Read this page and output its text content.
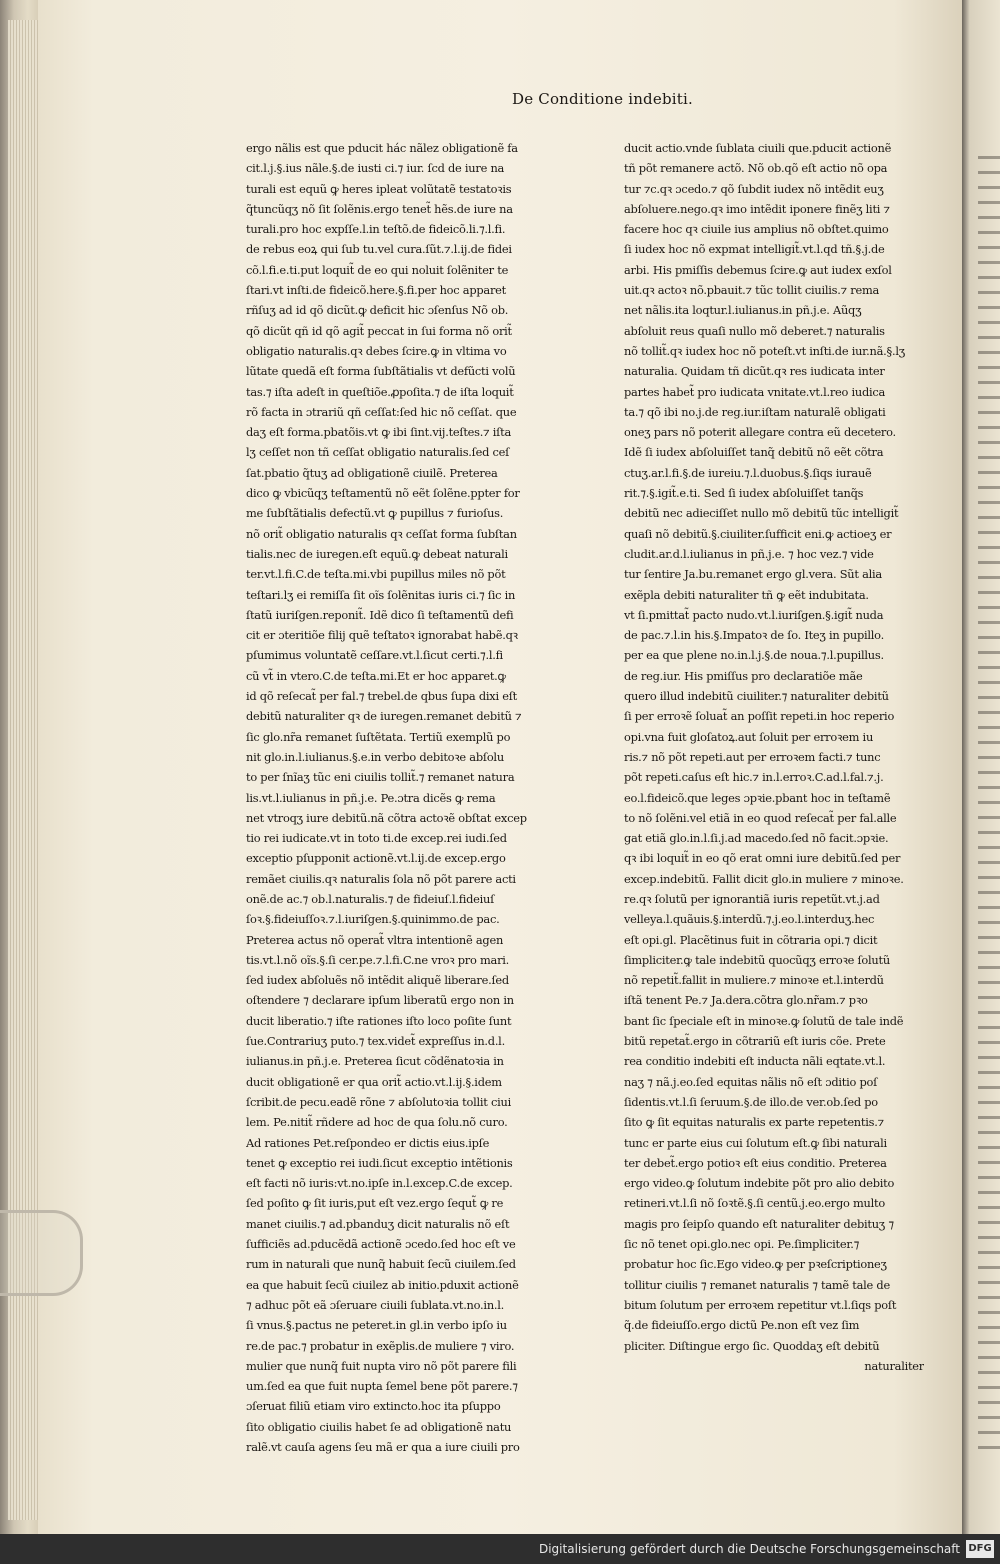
De Conditione indebiti.
ergo nãlis est que pducit hác nãlez obligationẽ fa
cit.l.j.§.ius nãle.§.de iusti ci.⁊ iur. ſcd de iure na
turali est equũ ꝙ heres ipleat volũtatẽ testatoꝛis
q̃tuncũqʒ nõ ſit ſolẽnis.ergo tenet̃ hẽs.de iure na
turali.pro hoc expſſe.l.in teſtõ.de fideicõ.li.⁊.l.fi.
de rebus eoꝝ qui ſub tu.vel cura.ſũt.⁊.l.ij.de fidei
cõ.l.fi.e.ti.put loquit̃ de eo qui noluit ſolẽniter te
ſtari.vt inſti.de fideicõ.here.§.fi.per hoc apparet
rñſuʒ ad id qõ dicũt.ꝙ deficit hic ɔſenſus Nõ ob.
qõ dicũt qñ id qõ agit̃ peccat in ſui forma nõ orit̃
obligatio naturalis.qꝛ debes ſcire.ꝙ in vltima vo
lũtate quedã eſt forma ſubſtãtialis vt defũcti volũ
tas.⁊ iſta adeſt in queſtiõe.ꝓpoſita.⁊ de iſta loquit̃
rõ facta in ɔtrariũ qñ ceſſat:ſed hic nõ ceſſat. que
daʒ eſt forma.pbatõis.vt ꝙ ibi ſint.vij.teſtes.⁊ iſta
lʒ ceſſet non tñ ceſſat obligatio naturalis.ſed ceſ
ſat.pbatio q̃tuʒ ad obligationẽ ciuilẽ. Preterea
dico ꝙ vbicũqʒ teſtamentũ nõ eẽt ſolẽne.ppter for
me ſubſtãtialis defectũ.vt ꝙ pupillus ⁊ furioſus.
nõ orit̃ obligatio naturalis qꝛ ceſſat forma ſubſtan
tialis.nec de iuregen.eſt equũ.ꝙ debeat naturali
ter.vt.l.fi.C.de teſta.mi.vbi pupillus miles nõ põt
teſtari.lʒ ei remiſſa ſit oĩs ſolẽnitas iuris ci.⁊ ſic in
ſtatũ iuriſgen.reponit̃. Idẽ dico ſi teſtamentũ defi
cit er ɔteritiõe filij quẽ teſtatoꝛ ignorabat habẽ.qꝛ
pſumimus voluntatẽ ceſſare.vt.l.ſicut certi.⁊.l.fi
cũ vt̃ in vtero.C.de teſta.mi.Et er hoc apparet.ꝙ
id qõ reſecat̃ per fal.⁊ trebel.de qbus ſupa dixi eſt
debitũ naturaliter qꝛ de iuregen.remanet debitũ ⁊
ſic glo.nr̃a remanet ſuſtẽtata. Tertiũ exemplũ po
nit glo.in.l.iulianus.§.e.in verbo debitoꝛe abſolu
to per ſnĩaʒ tũc eni ciuilis tollit̃.⁊ remanet natura
lis.vt.l.iulianus in pñ.j.e. Pe.ɔtra dicẽs ꝙ rema
net vtroqʒ iure debitũ.nã cõtra actoꝛẽ obſtat excep
tio rei iudicate.vt in toto ti.de excep.rei iudi.ſed
exceptio pſupponit actionẽ.vt.l.ij.de excep.ergo
remãet ciuilis.qꝛ naturalis ſola nõ põt parere acti
onẽ.de ac.⁊ ob.l.naturalis.⁊ de fideiuſ.l.fideiuſ
ſoꝛ.§.fideiuſſoꝛ.⁊.l.iuriſgen.§.quinimmo.de pac.
Preterea actus nõ operat̃ vltra intentionẽ agen
tis.vt.l.nõ oĩs.§.ſi cer.pe.⁊.l.fi.C.ne vroꝛ pro mari.
ſed iudex abſoluẽs nõ intẽdit aliquẽ liberare.ſed
oſtendere ⁊ declarare ipſum liberatũ ergo non in
ducit liberatio.⁊ iſte rationes iſto loco poſite ſunt
ſue.Contrariuʒ puto.⁊ tex.videt̃ expreſſus in.d.l.
iulianus.in pñ.j.e. Preterea ſicut cõdẽnatoꝛia in
ducit obligationẽ er qua orit̃ actio.vt.l.ij.§.idem
ſcribit.de pecu.eadẽ rõne ⁊ abſolutoꝛia tollit ciui
lem. Pe.nitit̃ rñdere ad hoc de qua ſolu.nõ curo.
Ad rationes Pet.reſpondeo er dictis eius.ipſe
tenet ꝙ exceptio rei iudi.ſicut exceptio intẽtionis
eſt facti nõ iuris:vt.no.ipſe in.l.excep.C.de excep.
ſed poſito ꝙ ſit iuris,put eſt vez.ergo ſequt̃ ꝙ re
manet ciuilis.⁊ ad.pbanduʒ dicit naturalis nõ eſt
ſufficiẽs ad.pducẽdã actionẽ ɔcedo.ſed hoc eſt ve
rum in naturali que nunq̃ habuit ſecũ ciuilem.ſed
ea que habuit ſecũ ciuilez ab initio.pduxit actionẽ
⁊ adhuc põt eã ɔſeruare ciuili ſublata.vt.no.in.l.
ſi vnus.§.pactus ne peteret.in gl.in verbo ipſo iu
re.de pac.⁊ probatur in exẽplis.de muliere ⁊ viro.
mulier que nunq̃ fuit nupta viro nõ põt parere fili
um.ſed ea que fuit nupta ſemel bene põt parere.⁊
ɔſeruat filiũ etiam viro extincto.hoc ita pſuppo
ſito obligatio ciuilis habet ſe ad obligationẽ natu
ralẽ.vt cauſa agens ſeu mã er qua a iure ciuili pro
ducit actio.vnde ſublata ciuili que.pducit actionẽ
tñ põt remanere actõ. Nõ ob.qõ eſt actio nõ opa
tur ⁊c.qꝛ ɔcedo.⁊ qõ ſubdit iudex nõ intẽdit euʒ
abſoluere.nego.qꝛ imo intẽdit iponere finẽʒ liti ⁊
facere hoc qꝛ ciuile ius amplius nõ obſtet.quimo
ſi iudex hoc nõ expmat intelligit̃.vt.l.qd tñ.§.j.de
arbi. His pmiſſis debemus ſcire.ꝙ aut iudex exſol
uit.qꝛ actoꝛ nõ.pbauit.⁊ tũc tollit ciuilis.⁊ rema
net nãlis.ita loqtur.l.iulianus.in pñ.j.e. Aũqʒ
abſoluit reus quaſi nullo mõ deberet.⁊ naturalis
nõ tollit̃.qꝛ iudex hoc nõ poteſt.vt inſti.de iur.nã.§.lʒ
naturalia. Quidam tñ dicũt.qꝛ res iudicata inter
partes habet̃ pro iudicata vnitate.vt.l.reo iudica
ta.⁊ qõ ibi no.j.de reg.iur.iſtam naturalẽ obligati
oneʒ pars nõ poterit allegare contra eũ decetero.
Idẽ ſi iudex abſoluiſſet tanq̃ debitũ nõ eẽt cõtra
ctuʒ.ar.l.fi.§.de iureiu.⁊.l.duobus.§.ſiqs iurauẽ
rit.⁊.§.igit̃.e.ti. Sed ſi iudex abſoluiſſet tanq̃s
debitũ nec adieciſſet nullo mõ debitũ tũc intelligit̃
quaſi nõ debitũ.§.ciuiliter.ſufficit eni.ꝙ actioeʒ er
cludit.ar.d.l.iulianus in pñ.j.e. ⁊ hoc vez.⁊ vide
tur ſentire Ja.bu.remanet ergo gl.vera. Sũt alia
exẽpla debiti naturaliter tñ ꝙ eẽt indubitata.
vt ſi.pmittat̃ pacto nudo.vt.l.iuriſgen.§.igit̃ nuda
de pac.⁊.l.in his.§.Impatoꝛ de ſo. Iteʒ in pupillo.
per ea que plene no.in.l.j.§.de noua.⁊.l.pupillus.
de reg.iur. His pmiſſus pro declaratiõe mãe
quero illud indebitũ ciuiliter.⁊ naturaliter debitũ
ſi per erroꝛẽ ſoluat̃ an poſſit repeti.in hoc reperio
opi.vna fuit gloſatoꝝ.aut ſoluit per erroꝛem iu
ris.⁊ nõ põt repeti.aut per erroꝛem facti.⁊ tunc
põt repeti.caſus eſt hic.⁊ in.l.erroꝛ.C.ad.l.fal.⁊.j.
eo.l.fideicõ.que leges ɔpꝛie.pbant hoc in teſtamẽ
to nõ ſolẽni.vel etiã in eo quod reſecat̃ per fal.alle
gat etiã glo.in.l.ſi.j.ad macedo.ſed nõ facit.ɔpꝛie.
qꝛ ibi loquit̃ in eo qõ erat omni iure debitũ.ſed per
excep.indebitũ. Fallit dicit glo.in muliere ⁊ minoꝛe.
re.qꝛ ſolutũ per ignorantiã iuris repetũt.vt.j.ad
velleya.l.quãuis.§.interdũ.⁊.j.eo.l.interduʒ.hec
eſt opi.gl. Placẽtinus fuit in cõtraria opi.⁊ dicit
ſimpliciter.ꝙ tale indebitũ quocũqʒ erroꝛe ſolutũ
nõ repetit̃.fallit in muliere.⁊ minoꝛe et.l.interdũ
iſtã tenent Pe.⁊ Ja.dera.cõtra glo.nr̃am.⁊ pꝛo
bant ſic ſpeciale eſt in minoꝛe.ꝙ ſolutũ de tale indẽ
bitũ repetat̃.ergo in cõtrariũ eſt iuris cõe. Prete
rea conditio indebiti eſt inducta nãli eqtate.vt.l.
naʒ ⁊ nã.j.eo.ſed equitas nãlis nõ eſt ɔditio poſ
ſidentis.vt.l.ſi ſeruum.§.de illo.de ver.ob.ſed po
ſito ꝙ ſit equitas naturalis ex parte repetentis.⁊
tunc er parte eius cui ſolutum eſt.ꝙ ſibi naturali
ter debet̃.ergo potioꝛ eſt eius conditio. Preterea
ergo video.ꝙ ſolutum indebite põt pro alio debito
retineri.vt.l.ſi nõ ſoꝛtẽ.§.ſi centũ.j.eo.ergo multo
magis pro ſeipſo quando eſt naturaliter debituʒ ⁊
ſic nõ tenet opi.glo.nec opi. Pe.ſimpliciter.⁊
probatur hoc ſic.Ego video.ꝙ per pꝛeſcriptioneʒ
tollitur ciuilis ⁊ remanet naturalis ⁊ tamẽ tale de
bitum ſolutum per erroꝛem repetitur vt.l.ſiqs poſt
q̃.de fideiuſſo.ergo dictũ Pe.non eſt vez ſim
pliciter. Diſtingue ergo ſic. Quoddaʒ eſt debitũ
naturaliter
Digitalisierung gefördert durch die Deutsche Forschungsgemeinschaft DFG
